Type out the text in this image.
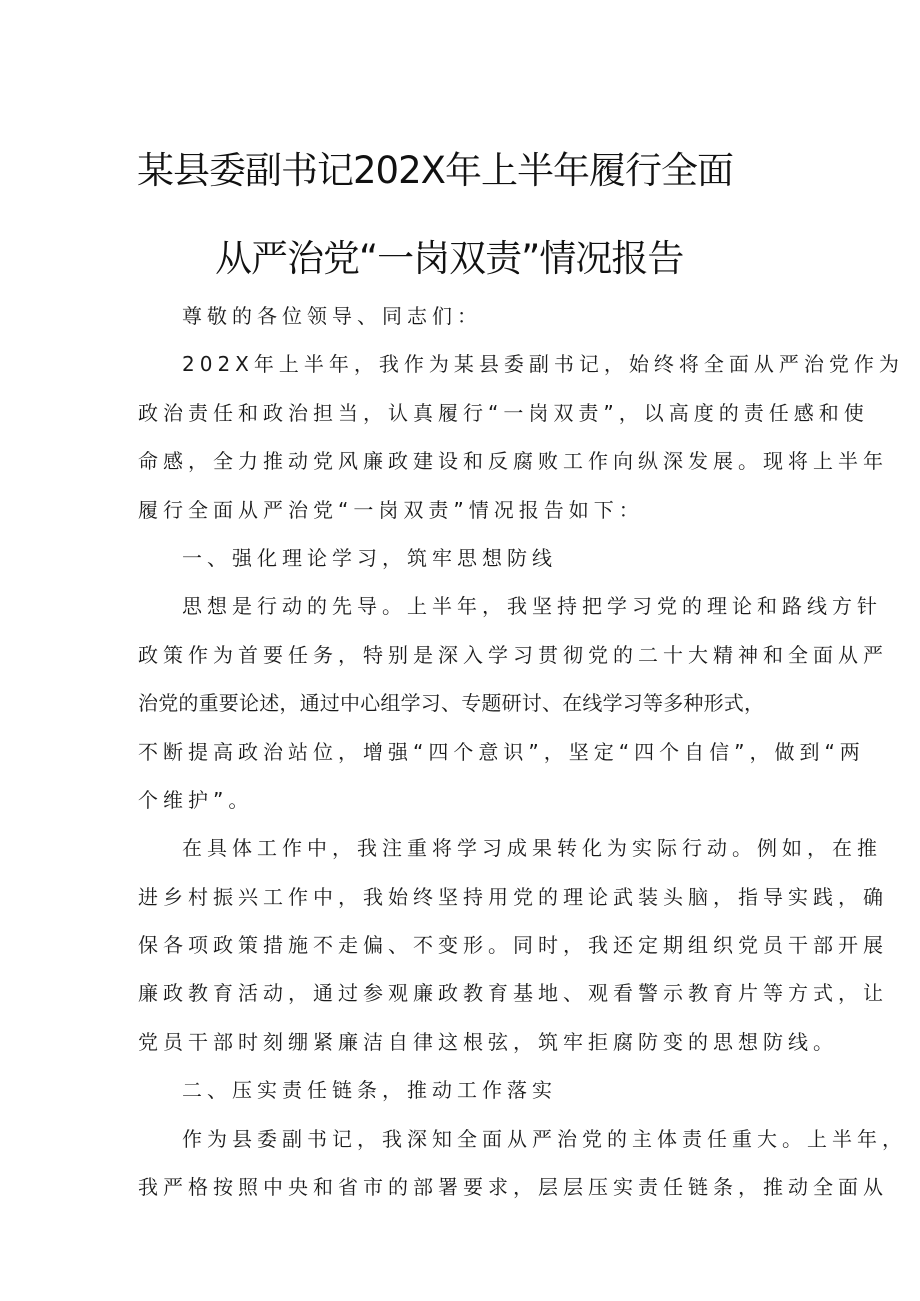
某县委副书记202X年上半年履行全面
从严治党“一岗双责”情况报告
尊敬的各位领导、同志们：
202X年上半年，我作为某县委副书记，始终将全面从严治党作为
政治责任和政治担当，认真履行“一岗双责”，以高度的责任感和使
命感，全力推动党风廉政建设和反腐败工作向纵深发展。现将上半年
履行全面从严治党“一岗双责”情况报告如下：
一、强化理论学习，筑牢思想防线
思想是行动的先导。上半年，我坚持把学习党的理论和路线方针
政策作为首要任务，特别是深入学习贯彻党的二十大精神和全面从严
治党的重要论述，通过中心组学习、专题研讨、在线学习等多种形式，
不断提高政治站位，增强“四个意识”，坚定“四个自信”，做到“两
个维护”。
在具体工作中，我注重将学习成果转化为实际行动。例如，在推
进乡村振兴工作中，我始终坚持用党的理论武装头脑，指导实践，确
保各项政策措施不走偏、不变形。同时，我还定期组织党员干部开展
廉政教育活动，通过参观廉政教育基地、观看警示教育片等方式，让
党员干部时刻绷紧廉洁自律这根弦，筑牢拒腐防变的思想防线。
二、压实责任链条，推动工作落实
作为县委副书记，我深知全面从严治党的主体责任重大。上半年，
我严格按照中央和省市的部署要求，层层压实责任链条，推动全面从
